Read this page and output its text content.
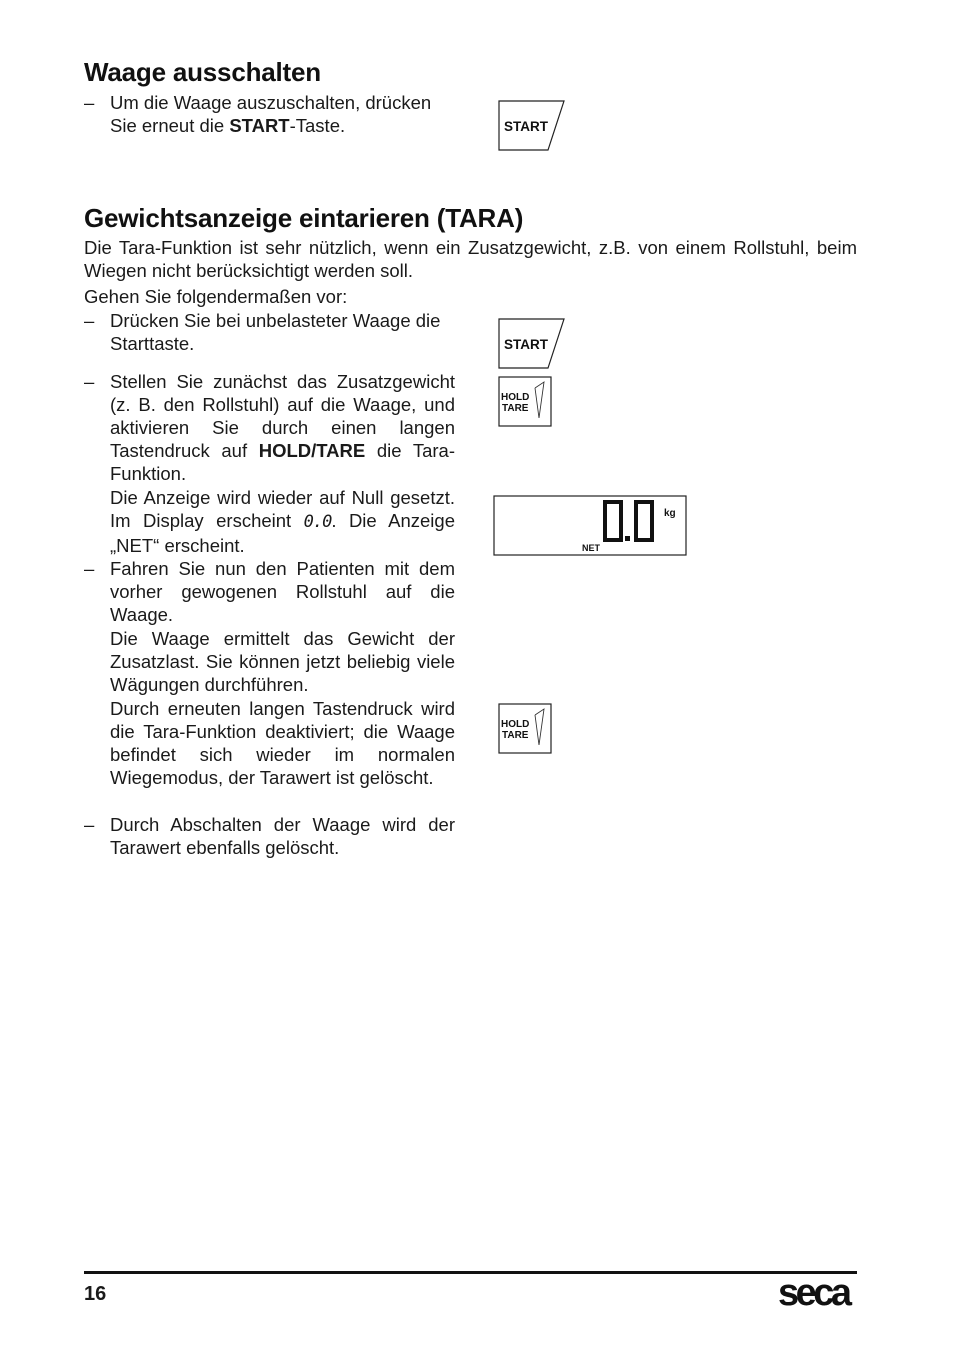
Waage ausschalten
– Um die Waage auszuschalten, drücken Sie erneut die START-Taste.	START
Gewichtsanzeige eintarieren (TARA)
Die Tara-Funktion ist sehr nützlich, wenn ein Zusatzgewicht, z.B. von einem Rollstuhl, beim Wiegen nicht berücksichtigt werden soll.
Gehen Sie folgendermaßen vor:
– Drücken Sie bei unbelasteter Waage die Starttaste.	START
– Stellen Sie zunächst das Zusatzgewicht (z. B. den Rollstuhl) auf die Waage, und aktivieren Sie durch einen langen Tastendruck auf HOLD/TARE die Tara-Funktion.
HOLD
TARE
Die Anzeige wird wieder auf Null gesetzt. Im Display erscheint 0.0. Die Anzeige „NET“ erscheint.
kg
NET
– Fahren Sie nun den Patienten mit dem vorher gewogenen Rollstuhl auf die Waage.
Die Waage ermittelt das Gewicht der Zusatzlast. Sie können jetzt beliebig viele Wägungen durchführen.
Durch erneuten langen Tastendruck wird die Tara-Funktion deaktiviert; die Waage befindet sich wieder im normalen Wiegemodus, der Tarawert ist gelöscht.
HOLD
TARE
– Durch Abschalten der Waage wird der Tarawert ebenfalls gelöscht.
16	seca
